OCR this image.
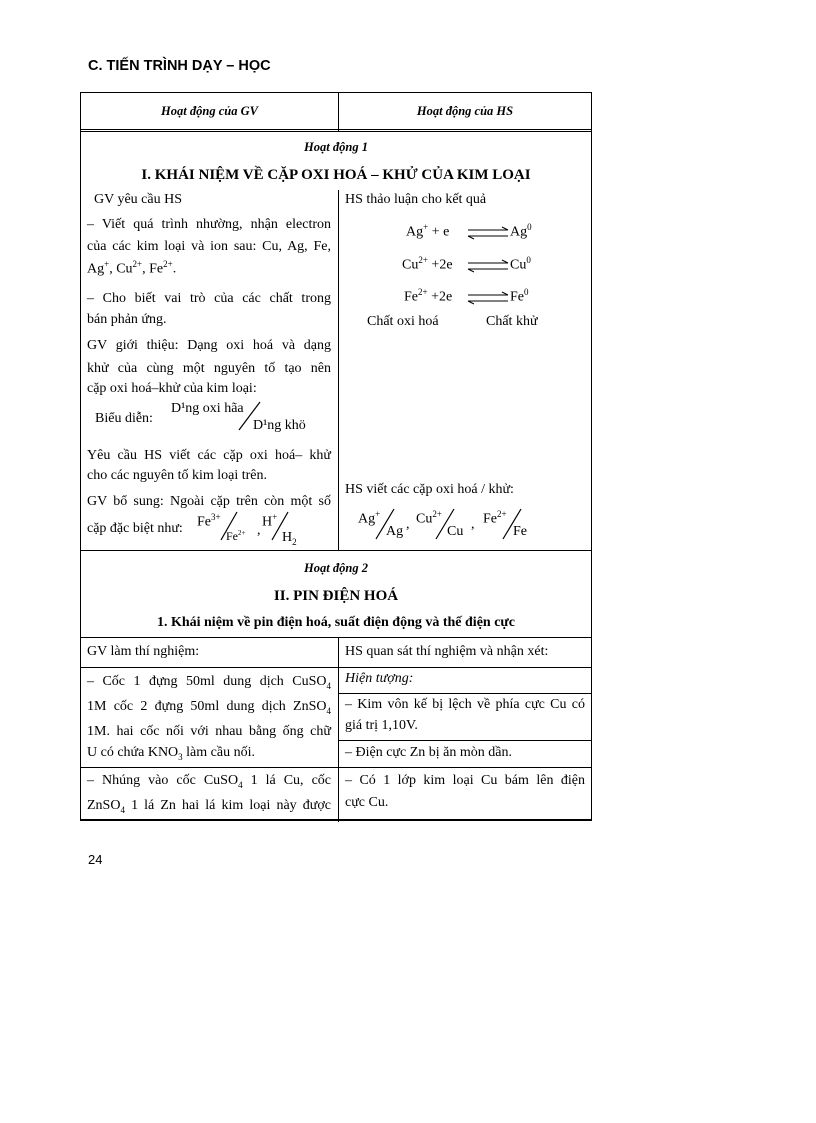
C. TIẾN TRÌNH DẠY – HỌC
Hoạt động của GV	Hoạt động của HS
Hoạt động 1
I. KHÁI NIỆM VỀ CẶP OXI HOÁ – KHỬ CỦA KIM LOẠI
GV yêu cầu HS
– Viết quá trình nhường, nhận electron
của các kim loại và ion sau: Cu, Ag, Fe,
Ag+, $Cu^{2+}$, $Fe^{2+}$.
– Cho biết vai trò của các chất trong
bán phản ứng.
GV giới thiệu: Dạng oxi hoá và dạng
khử của cùng một nguyên tố tạo nên
cặp oxi hoá–khử của kim loại:
Biểu diễn:
D¹ng oxi hãa
D¹ng khö
Yêu cầu HS viết các cặp oxi hoá– khử
cho các nguyên tố kim loại trên.
GV bổ sung: Ngoài cặp trên còn một số
cặp đặc biệt như: $Fe^{3+}$
$Fe^{2+}$ ,
H+
$H_2$
HS thảo luận cho kết quả
Ag+ + e ⇌ Ag$^0$
$Cu^{2+} +2e$ ⇌ Cu$^0$
$Fe^{2+} +2e$ ⇌ Fe$^0$
Chất oxi hoá	Chất khử
HS viết các cặp oxi hoá / khử:
Ag+
Ag , $Cu^{2+}$
Cu , $Fe^{2+}$
Fe
Hoạt động 2
II. PIN ĐIỆN HOÁ
1. Khái niệm về pin điện hoá, suất điện động và thế điện cực
GV làm thí nghiệm:
– Cốc 1 đựng 50ml dung dịch CuSO$_4$
1M cốc 2 đựng 50ml dung dịch ZnSO$_4$
1M. hai cốc nối với nhau bằng ống chữ
U có chứa $KNO_3$ làm cầu nối.
– Nhúng vào cốc CuSO$_4$ 1 lá Cu, cốc
ZnSO$_4$ 1 lá Zn hai lá kim loại này được
HS quan sát thí nghiệm và nhận xét:
Hiện tượng:
– Kim vôn kế bị lệch về phía cực Cu có
giá trị 1,10V.
– Điện cực Zn bị ăn mòn dần.
– Có 1 lớp kim loại Cu bám lên điện
cực Cu.
24
